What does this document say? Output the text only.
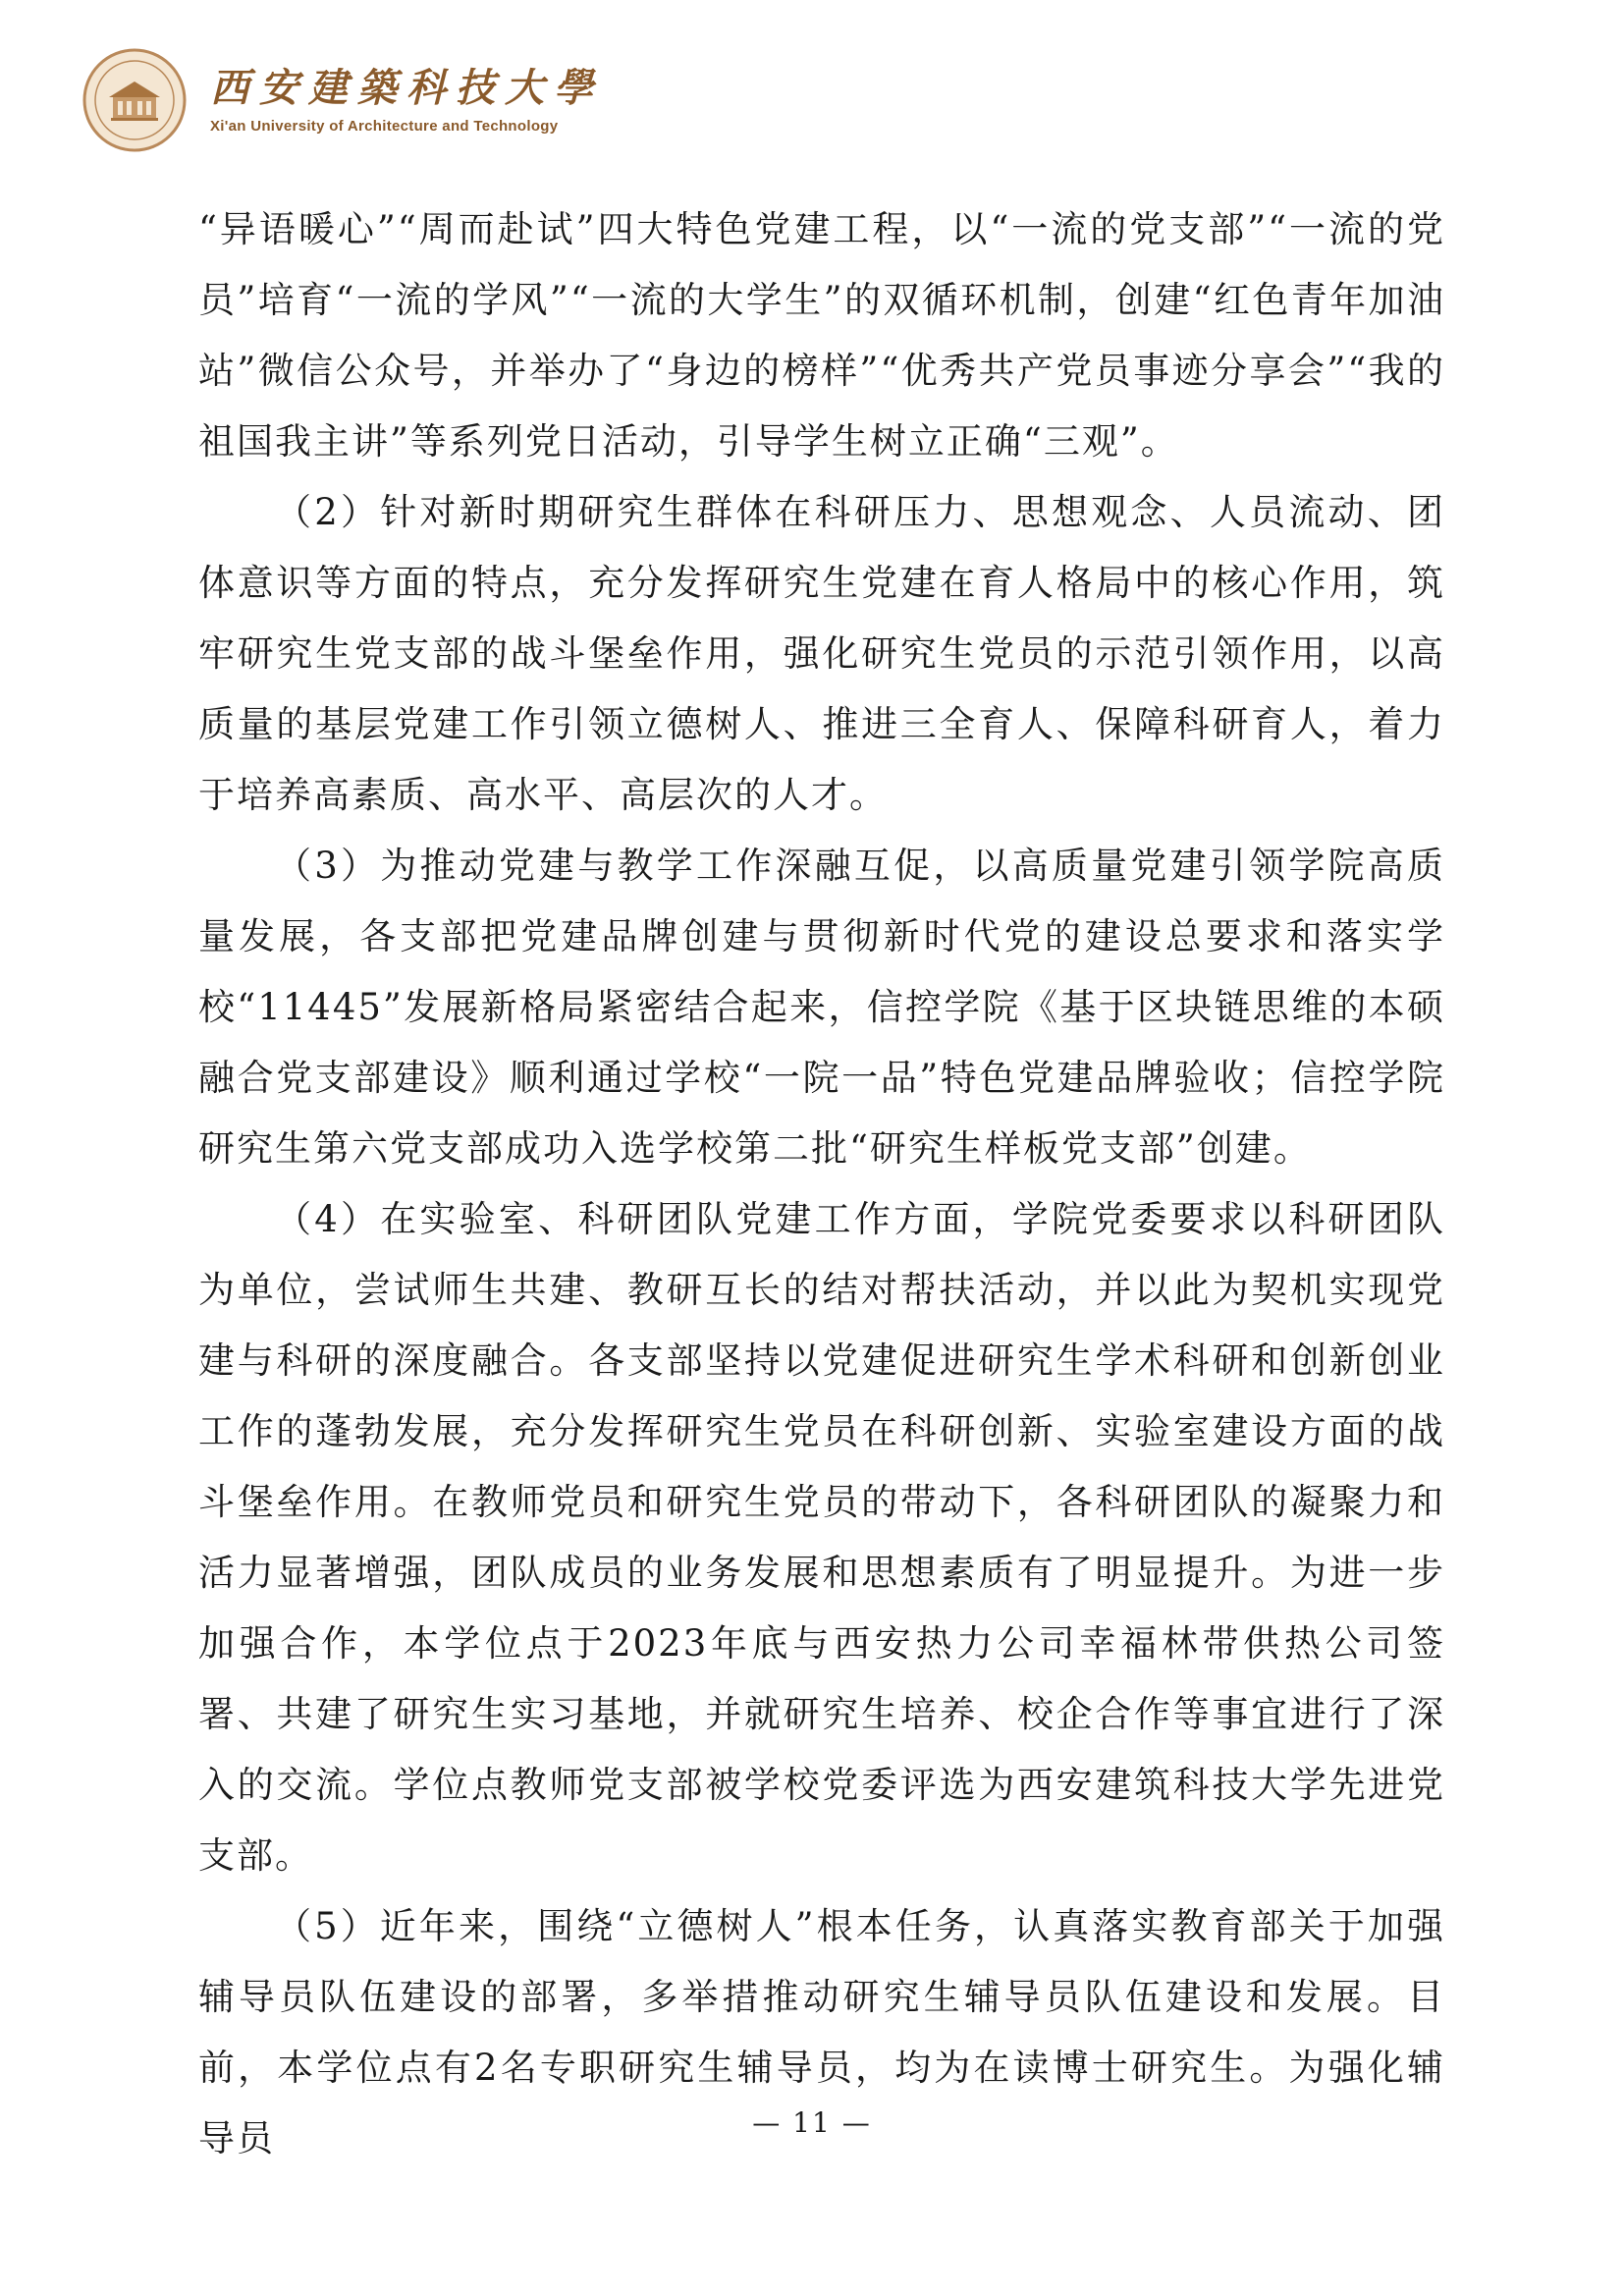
西安建築科技大學
Xi'an University of Architecture and Technology

“异语暖心”“周而赴试”四大特色党建工程，以“一流的党支部”“一流的党员”培育“一流的学风”“一流的大学生”的双循环机制，创建“红色青年加油站”微信公众号，并举办了“身边的榜样”“优秀共产党员事迹分享会”“我的祖国我主讲”等系列党日活动，引导学生树立正确“三观”。

（2）针对新时期研究生群体在科研压力、思想观念、人员流动、团体意识等方面的特点，充分发挥研究生党建在育人格局中的核心作用，筑牢研究生党支部的战斗堡垒作用，强化研究生党员的示范引领作用，以高质量的基层党建工作引领立德树人、推进三全育人、保障科研育人，着力于培养高素质、高水平、高层次的人才。

（3）为推动党建与教学工作深融互促，以高质量党建引领学院高质量发展，各支部把党建品牌创建与贯彻新时代党的建设总要求和落实学校“11445”发展新格局紧密结合起来，信控学院《基于区块链思维的本硕融合党支部建设》顺利通过学校“一院一品”特色党建品牌验收；信控学院研究生第六党支部成功入选学校第二批“研究生样板党支部”创建。

（4）在实验室、科研团队党建工作方面，学院党委要求以科研团队为单位，尝试师生共建、教研互长的结对帮扶活动，并以此为契机实现党建与科研的深度融合。各支部坚持以党建促进研究生学术科研和创新创业工作的蓬勃发展，充分发挥研究生党员在科研创新、实验室建设方面的战斗堡垒作用。在教师党员和研究生党员的带动下，各科研团队的凝聚力和活力显著增强，团队成员的业务发展和思想素质有了明显提升。为进一步加强合作，本学位点于2023年底与西安热力公司幸福林带供热公司签署、共建了研究生实习基地，并就研究生培养、校企合作等事宜进行了深入的交流。学位点教师党支部被学校党委评选为西安建筑科技大学先进党支部。

（5）近年来，围绕“立德树人”根本任务，认真落实教育部关于加强辅导员队伍建设的部署，多举措推动研究生辅导员队伍建设和发展。目前，本学位点有2名专职研究生辅导员，均为在读博士研究生。为强化辅导员	— 11 —
